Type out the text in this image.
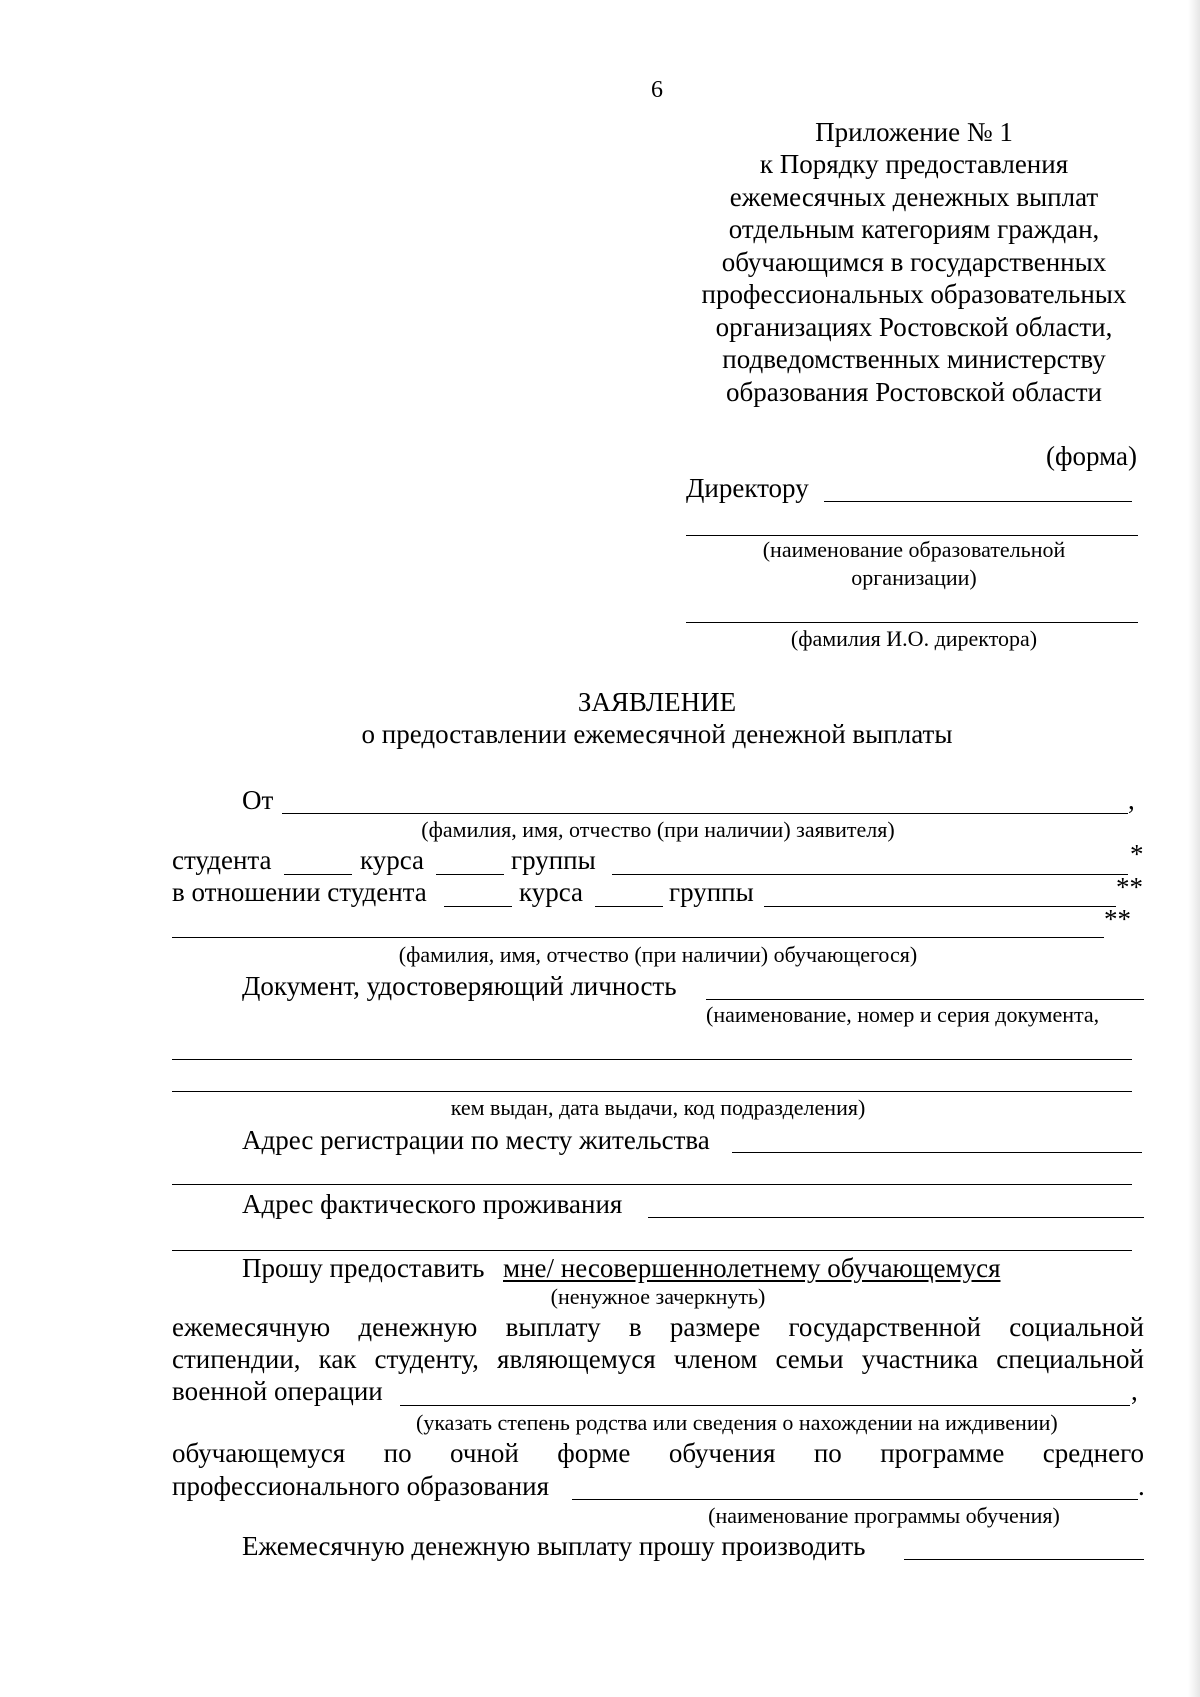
6
Приложение № 1
к Порядку предоставления
ежемесячных денежных выплат
отдельным категориям граждан,
обучающимся в государственных
профессиональных образовательных
организациях Ростовской области,
подведомственных министерству
образования Ростовской области
(форма)
Директору
(наименование образовательной
организации)
(фамилия И.О. директора)
ЗАЯВЛЕНИЕ
о предоставлении ежемесячной денежной выплаты
От	,
(фамилия, имя, отчество (при наличии) заявителя)
студента	курса	группы	*
в отношении студента	курса	группы	**
**
(фамилия, имя, отчество (при наличии) обучающегося)
Документ, удостоверяющий личность
(наименование, номер и серия документа,
кем выдан, дата выдачи, код подразделения)
Адрес регистрации по месту жительства
Адрес фактического проживания
Прошу предоставить мне/ несовершеннолетнему обучающемуся
(ненужное зачеркнуть)
ежемесячную денежную выплату в размере государственной социальной
стипендии, как студенту, являющемуся членом семьи участника специальной
военной операции	,
(указать степень родства или сведения о нахождении на иждивении)
обучающемуся по очной форме обучения по программе среднего
профессионального образования	.
(наименование программы обучения)
Ежемесячную денежную выплату прошу производить
